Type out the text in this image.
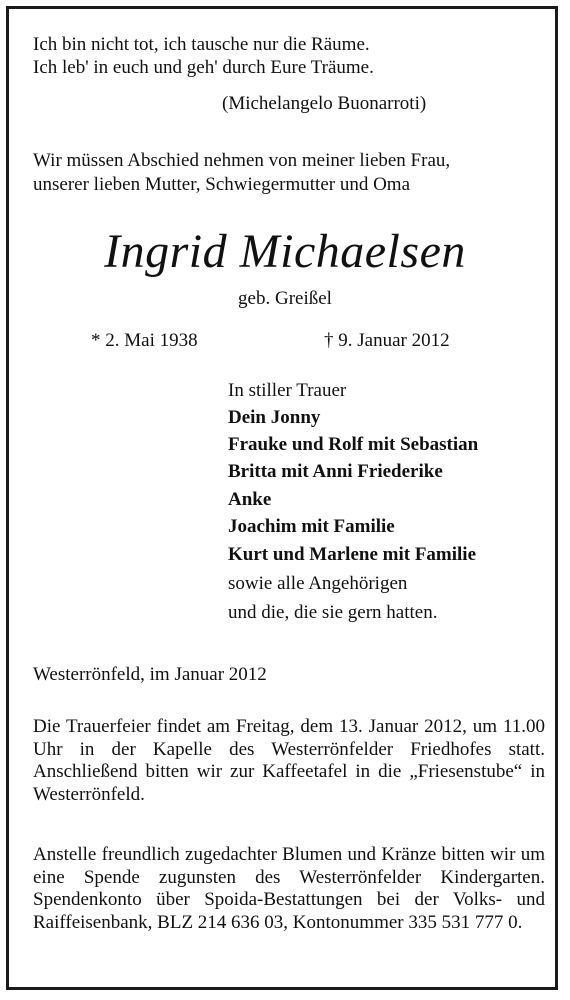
Ich bin nicht tot, ich tausche nur die Räume.

Ich leb' in euch und geh' durch Eure Träume.

(Michelangelo Buonarroti)

Wir müssen Abschied nehmen von meiner lieben Frau,

unserer lieben Mutter, Schwiegermutter und Oma

Ingrid Michaelsen

geb. Greißel

* 2. Mai 1938	† 9. Januar 2012

In stiller Trauer

Dein Jonny

Frauke und Rolf mit Sebastian

Britta mit Anni Friederike

Anke

Joachim mit Familie

Kurt und Marlene mit Familie

sowie alle Angehörigen

und die, die sie gern hatten.

Westerrönfeld, im Januar 2012

Die Trauerfeier findet am Freitag, dem 13. Januar 2012, um 11.00 Uhr in der Kapelle des Westerrönfelder Friedhofes statt. Anschließend bitten wir zur Kaffeetafel in die „Friesenstube“ in Westerrönfeld.

Anstelle freundlich zugedachter Blumen und Kränze bitten wir um eine Spende zugunsten des Westerrönfelder Kindergarten. Spendenkonto über Spoida-Bestattungen bei der Volks- und Raiffeisenbank, BLZ 214 636 03, Kontonummer 335 531 777 0.
